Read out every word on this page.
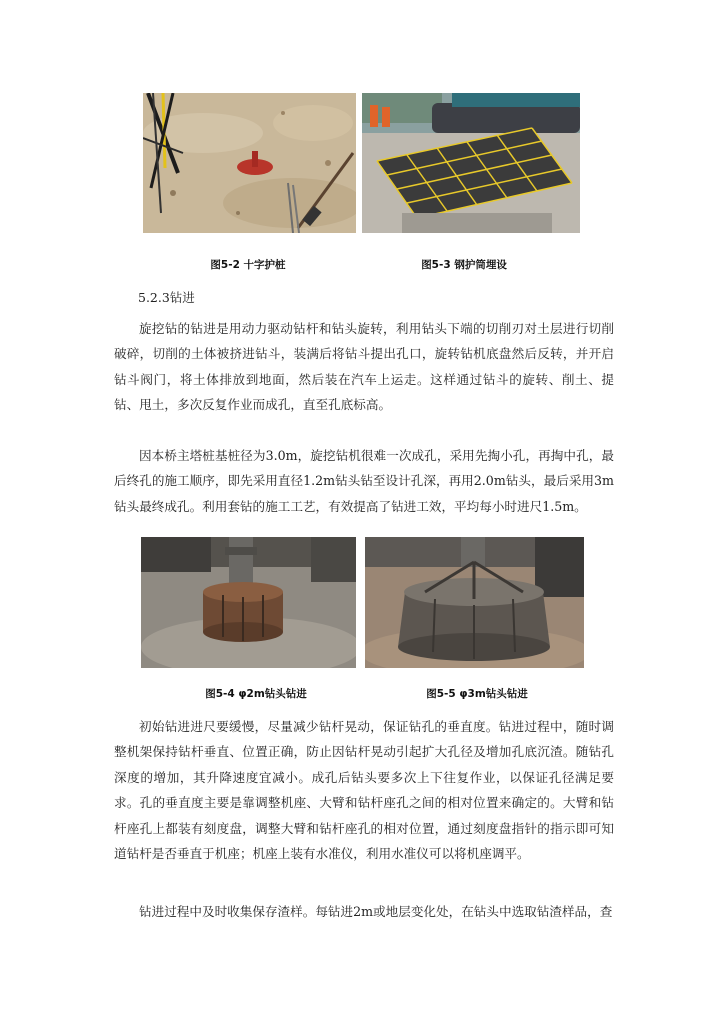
图5-2 十字护桩	图5-3 钢护筒埋设
5.2.3钻进

旋挖钻的钻进是用动力驱动钻杆和钻头旋转，利用钻头下端的切削刃对土层进行切削破碎，切削的土体被挤进钻斗，装满后将钻斗提出孔口，旋转钻机底盘然后反转，并开启钻斗阀门，将土体排放到地面，然后装在汽车上运走。这样通过钻斗的旋转、削土、提钻、甩土，多次反复作业而成孔，直至孔底标高。

因本桥主塔桩基桩径为3.0m，旋挖钻机很难一次成孔，采用先掏小孔，再掏中孔，最后终孔的施工顺序，即先采用直径1.2m钻头钻至设计孔深，再用2.0m钻头，最后采用3m钻头最终成孔。利用套钻的施工工艺，有效提高了钻进工效，平均每小时进尺1.5m。

图5-4 φ2m钻头钻进	图5-5 φ3m钻头钻进

初始钻进进尺要缓慢，尽量减少钻杆晃动，保证钻孔的垂直度。钻进过程中，随时调整机架保持钻杆垂直、位置正确，防止因钻杆晃动引起扩大孔径及增加孔底沉渣。随钻孔深度的增加，其升降速度宜减小。成孔后钻头要多次上下往复作业，以保证孔径满足要求。孔的垂直度主要是靠调整机座、大臂和钻杆座孔之间的相对位置来确定的。大臂和钻杆座孔上都装有刻度盘，调整大臂和钻杆座孔的相对位置，通过刻度盘指针的指示即可知道钻杆是否垂直于机座；机座上装有水准仪，利用水准仪可以将机座调平。

钻进过程中及时收集保存渣样。每钻进2m或地层变化处，在钻头中选取钻渣样品，查
